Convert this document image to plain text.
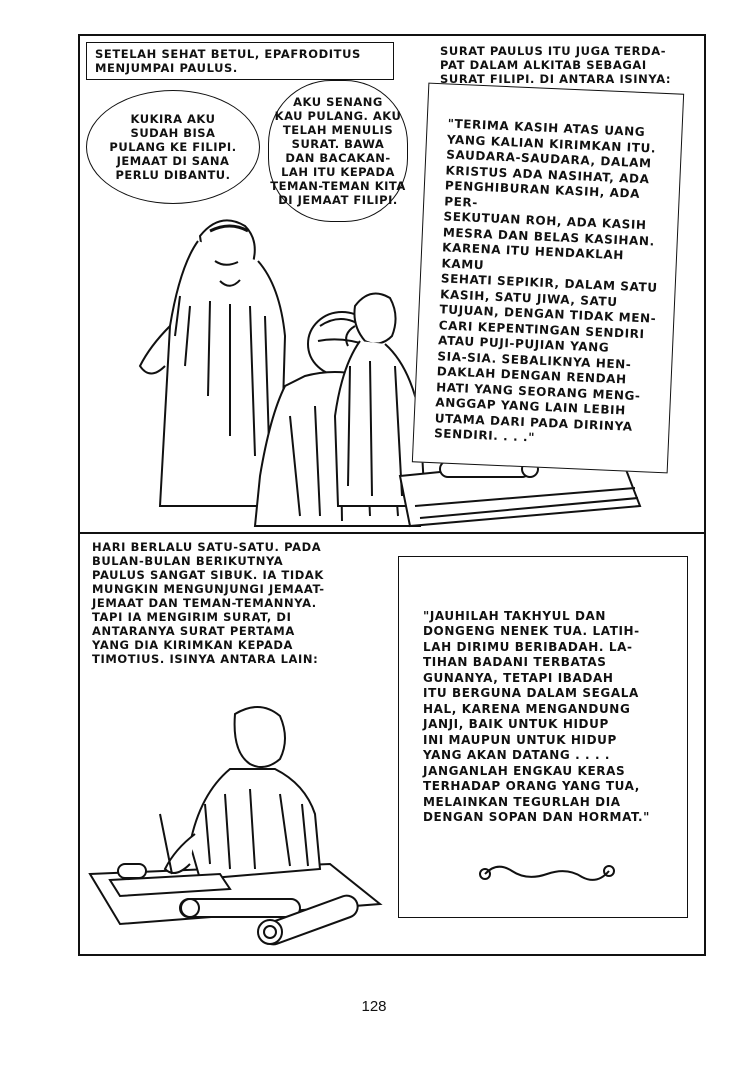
SETELAH SEHAT BETUL, EPAFRODITUS
MENJUMPAI PAULUS.
SURAT PAULUS ITU JUGA TERDA-
PAT DALAM ALKITAB SEBAGAI
SURAT FILIPI. DI ANTARA ISINYA:
KUKIRA AKU
SUDAH BISA
PULANG KE FILIPI.
JEMAAT DI SANA
PERLU DIBANTU.
AKU SENANG
KAU PULANG. AKU
TELAH MENULIS
SURAT. BAWA
DAN BACAKAN-
LAH ITU KEPADA
TEMAN-TEMAN KITA
DI JEMAAT FILIPI.
"TERIMA KASIH ATAS UANG
YANG KALIAN KIRIMKAN ITU.
SAUDARA-SAUDARA, DALAM
KRISTUS ADA NASIHAT, ADA
PENGHIBURAN KASIH, ADA PER-
SEKUTUAN ROH, ADA KASIH
MESRA DAN BELAS KASIHAN.
KARENA ITU HENDAKLAH KAMU
SEHATI SEPIKIR, DALAM SATU
KASIH, SATU JIWA, SATU
TUJUAN, DENGAN TIDAK MEN-
CARI KEPENTINGAN SENDIRI
ATAU PUJI-PUJIAN YANG
SIA-SIA. SEBALIKNYA HEN-
DAKLAH DENGAN RENDAH
HATI YANG SEORANG MENG-
ANGGAP YANG LAIN LEBIH
UTAMA DARI PADA DIRINYA
SENDIRI. . . ."
HARI BERLALU SATU-SATU. PADA
BULAN-BULAN BERIKUTNYA
PAULUS SANGAT SIBUK. IA TIDAK
MUNGKIN MENGUNJUNGI JEMAAT-
JEMAAT DAN TEMAN-TEMANNYA.
TAPI IA MENGIRIM SURAT, DI
ANTARANYA SURAT PERTAMA
YANG DIA KIRIMKAN KEPADA
TIMOTIUS. ISINYA ANTARA LAIN:

"JAUHILAH TAKHYUL DAN
DONGENG NENEK TUA. LATIH-
LAH DIRIMU BERIBADAH. LA-
TIHAN BADANI TERBATAS
GUNANYA, TETAPI IBADAH
ITU BERGUNA DALAM SEGALA
HAL, KARENA MENGANDUNG
JANJI, BAIK UNTUK HIDUP
INI MAUPUN UNTUK HIDUP
YANG AKAN DATANG . . . .
JANGANLAH ENGKAU KERAS
TERHADAP ORANG YANG TUA,
MELAINKAN TEGURLAH DIA
DENGAN SOPAN DAN HORMAT."

128
